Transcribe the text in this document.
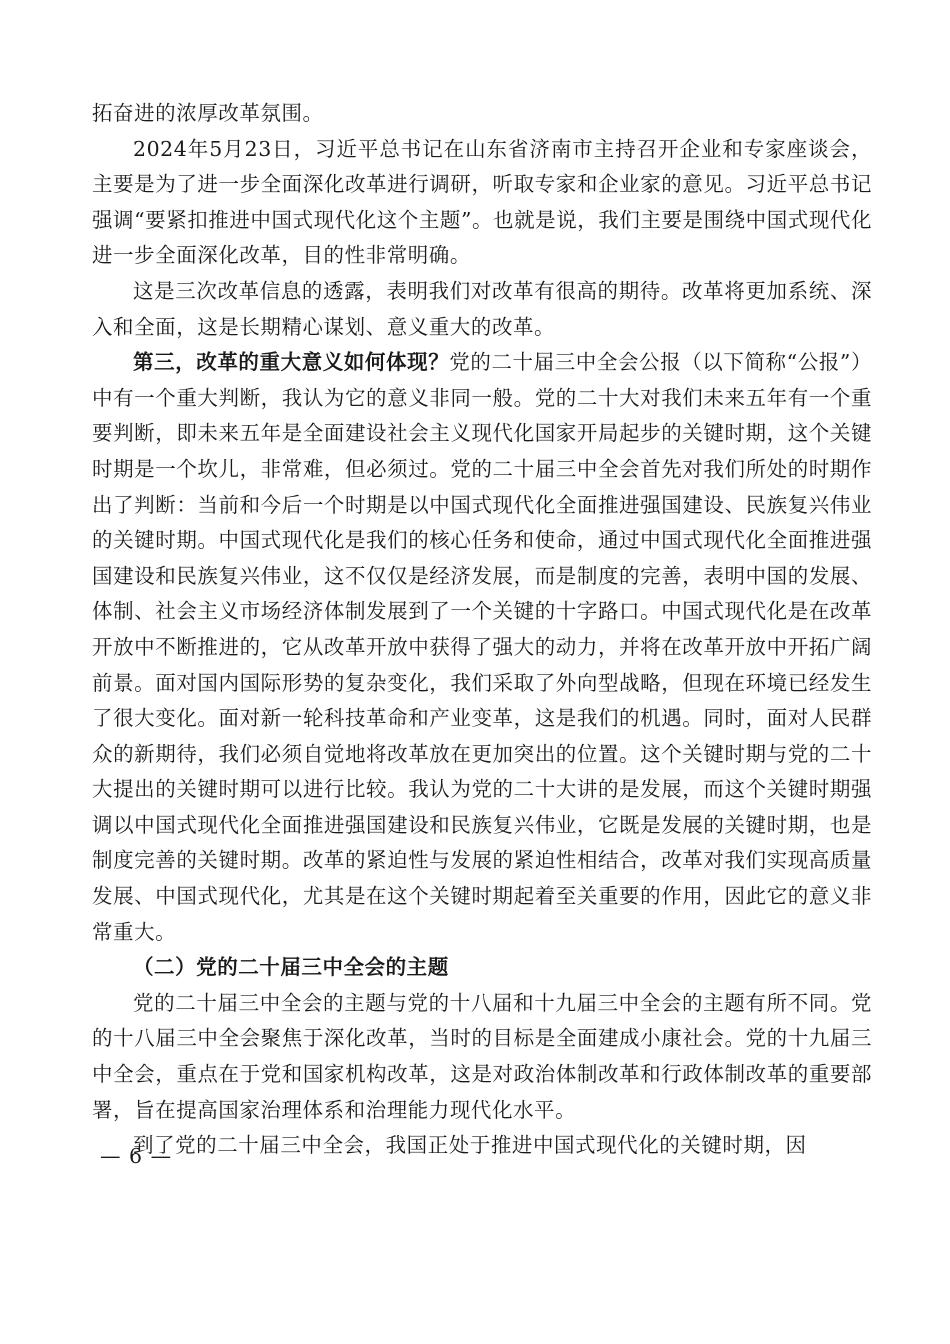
拓奋进的浓厚改革氛围。

2024年5月23日，习近平总书记在山东省济南市主持召开企业和专家座谈会，主要是为了进一步全面深化改革进行调研，听取专家和企业家的意见。习近平总书记强调“要紧扣推进中国式现代化这个主题”。也就是说，我们主要是围绕中国式现代化进一步全面深化改革，目的性非常明确。

这是三次改革信息的透露，表明我们对改革有很高的期待。改革将更加系统、深入和全面，这是长期精心谋划、意义重大的改革。

第三，改革的重大意义如何体现？党的二十届三中全会公报（以下简称“公报”）中有一个重大判断，我认为它的意义非同一般。党的二十大对我们未来五年有一个重要判断，即未来五年是全面建设社会主义现代化国家开局起步的关键时期，这个关键时期是一个坎儿，非常难，但必须过。党的二十届三中全会首先对我们所处的时期作出了判断：当前和今后一个时期是以中国式现代化全面推进强国建设、民族复兴伟业的关键时期。中国式现代化是我们的核心任务和使命，通过中国式现代化全面推进强国建设和民族复兴伟业，这不仅仅是经济发展，而是制度的完善，表明中国的发展、体制、社会主义市场经济体制发展到了一个关键的十字路口。中国式现代化是在改革开放中不断推进的，它从改革开放中获得了强大的动力，并将在改革开放中开拓广阔前景。面对国内国际形势的复杂变化，我们采取了外向型战略，但现在环境已经发生了很大变化。面对新一轮科技革命和产业变革，这是我们的机遇。同时，面对人民群众的新期待，我们必须自觉地将改革放在更加突出的位置。这个关键时期与党的二十大提出的关键时期可以进行比较。我认为党的二十大讲的是发展，而这个关键时期强调以中国式现代化全面推进强国建设和民族复兴伟业，它既是发展的关键时期，也是制度完善的关键时期。改革的紧迫性与发展的紧迫性相结合，改革对我们实现高质量发展、中国式现代化，尤其是在这个关键时期起着至关重要的作用，因此它的意义非常重大。

（二）党的二十届三中全会的主题

党的二十届三中全会的主题与党的十八届和十九届三中全会的主题有所不同。党的十八届三中全会聚焦于深化改革，当时的目标是全面建成小康社会。党的十九届三中全会，重点在于党和国家机构改革，这是对政治体制改革和行政体制改革的重要部署，旨在提高国家治理体系和治理能力现代化水平。

到了党的二十届三中全会，我国正处于推进中国式现代化的关键时期，因

— 6 —
